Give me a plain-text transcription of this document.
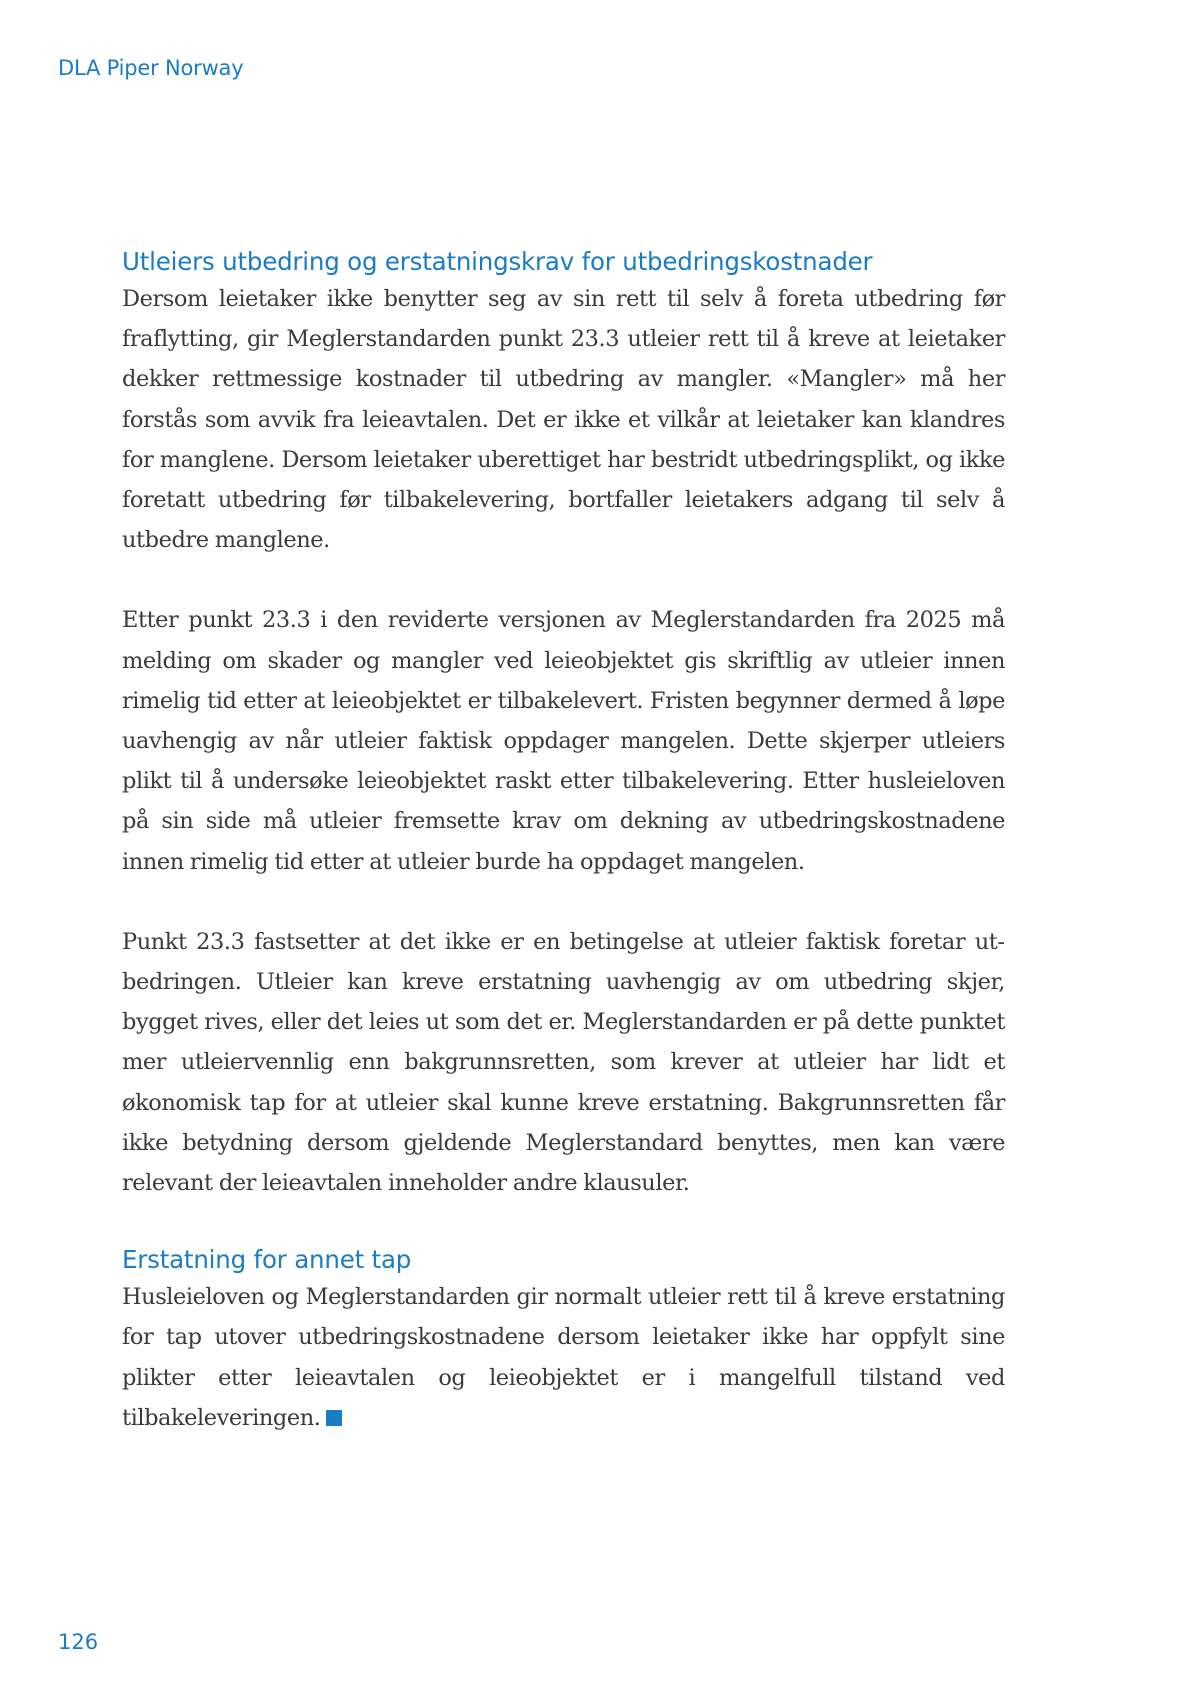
DLA Piper Norway
Utleiers utbedring og erstatningskrav for utbedringskostnader

Dersom leietaker ikke benytter seg av sin rett til selv å foreta utbedring før fraflytting, gir Meglerstandarden punkt 23.3 utleier rett til å kreve at leietaker dekker rettmessige kostnader til utbedring av mangler. «Mangler» må her forstås som avvik fra leieavtalen. Det er ikke et vilkår at leietaker kan klandres for manglene. Dersom leietaker uberettiget har bestridt utbedringsplikt, og ikke foretatt utbedring før tilbakelevering, bortfaller leietakers adgang til selv å utbedre manglene.

Etter punkt 23.3 i den reviderte versjonen av Meglerstandarden fra 2025 må melding om skader og mangler ved leieobjektet gis skriftlig av utleier innen rimelig tid etter at leieobjektet er tilbakelevert. Fristen begynner dermed å løpe uavhengig av når utleier faktisk oppdager mangelen. Dette skjerper utleiers plikt til å undersøke leieobjektet raskt etter tilbakelevering. Etter husleieloven på sin side må utleier fremsette krav om dekning av utbedringskostnadene innen rimelig tid etter at utleier burde ha oppdaget mangelen.

Punkt 23.3 fastsetter at det ikke er en betingelse at utleier faktisk foretar utbedringen. Utleier kan kreve erstatning uavhengig av om utbedring skjer, bygget rives, eller det leies ut som det er. Meglerstandarden er på dette punktet mer utleiervennlig enn bakgrunnsretten, som krever at utleier har lidt et økonomisk tap for at utleier skal kunne kreve erstatning. Bakgrunnsretten får ikke betydning dersom gjeldende Meglerstandard benyttes, men kan være relevant der leieavtalen inneholder andre klausuler.

Erstatning for annet tap

Husleieloven og Meglerstandarden gir normalt utleier rett til å kreve erstatning for tap utover utbedringskostnadene dersom leietaker ikke har oppfylt sine plikter etter leieavtalen og leieobjektet er i mangelfull tilstand ved tilbakeleveringen.

126
